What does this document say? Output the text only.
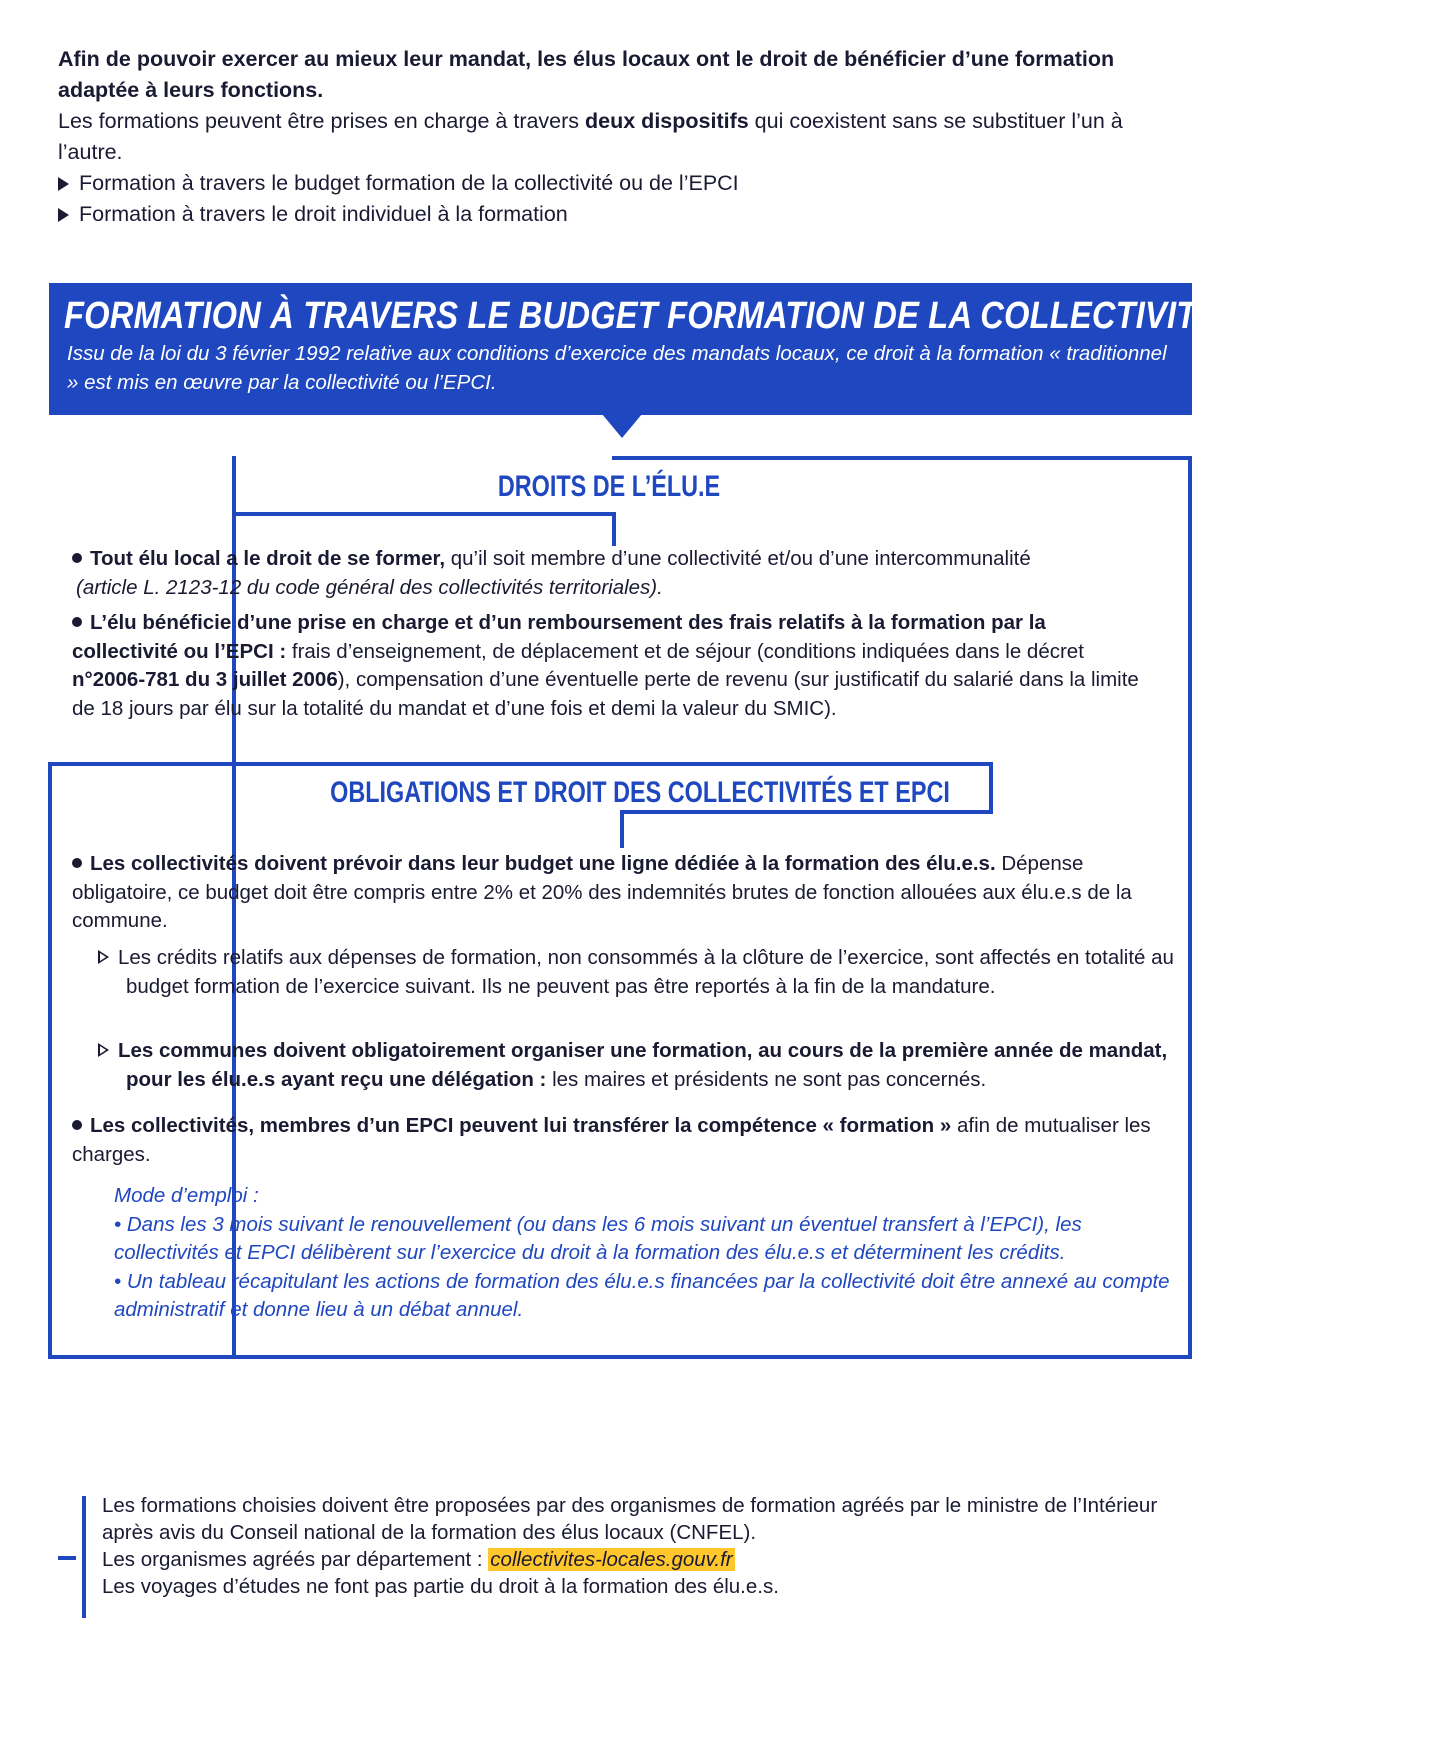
Afin de pouvoir exercer au mieux leur mandat, les élus locaux ont le droit de bénéficier d’une formation adaptée à leurs fonctions.

Les formations peuvent être prises en charge à travers deux dispositifs qui coexistent sans se substituer l’un à l’autre.

Formation à travers le budget formation de la collectivité ou de l’EPCI
Formation à travers le droit individuel à la formation
FORMATION À TRAVERS LE BUDGET FORMATION DE LA COLLECTIVITÉ OU DE L’EPCI
Issu de la loi du 3 février 1992 relative aux conditions d’exercice des mandats locaux, ce droit à la formation « traditionnel » est mis en œuvre par la collectivité ou l’EPCI.
DROITS DE L’ÉLU.E
Tout élu local a le droit de se former, qu’il soit membre d’une collectivité et/ou d’une intercommunalité
(article L. 2123-12 du code général des collectivités territoriales).
L’élu bénéficie d’une prise en charge et d’un remboursement des frais relatifs à la formation par la collectivité ou l’EPCI : frais d’enseignement, de déplacement et de séjour (conditions indiquées dans le décret n°2006-781 du 3 juillet 2006), compensation d’une éventuelle perte de revenu (sur justificatif du salarié dans la limite de 18 jours par élu sur la totalité du mandat et d’une fois et demi la valeur du SMIC).
OBLIGATIONS ET DROIT DES COLLECTIVITÉS ET EPCI
Les collectivités doivent prévoir dans leur budget une ligne dédiée à la formation des élu.e.s. Dépense obligatoire, ce budget doit être compris entre 2% et 20% des indemnités brutes de fonction allouées aux élu.e.s de la commune.
Les crédits relatifs aux dépenses de formation, non consommés à la clôture de l’exercice, sont affectés en totalité au budget formation de l’exercice suivant. Ils ne peuvent pas être reportés à la fin de la mandature.
Les communes doivent obligatoirement organiser une formation, au cours de la première année de mandat, pour les élu.e.s ayant reçu une délégation : les maires et présidents ne sont pas concernés.
Les collectivités, membres d’un EPCI peuvent lui transférer la compétence « formation » afin de mutualiser les charges.
Mode d’emploi :
• Dans les 3 mois suivant le renouvellement (ou dans les 6 mois suivant un éventuel transfert à l’EPCI), les collectivités et EPCI délibèrent sur l’exercice du droit à la formation des élu.e.s et déterminent les crédits.
• Un tableau récapitulant les actions de formation des élu.e.s financées par la collectivité doit être annexé au compte administratif et donne lieu à un débat annuel.
Les formations choisies doivent être proposées par des organismes de formation agréés par le ministre de l’Intérieur après avis du Conseil national de la formation des élus locaux (CNFEL).
Les organismes agréés par département : collectivites-locales.gouv.fr
Les voyages d’études ne font pas partie du droit à la formation des élu.e.s.
